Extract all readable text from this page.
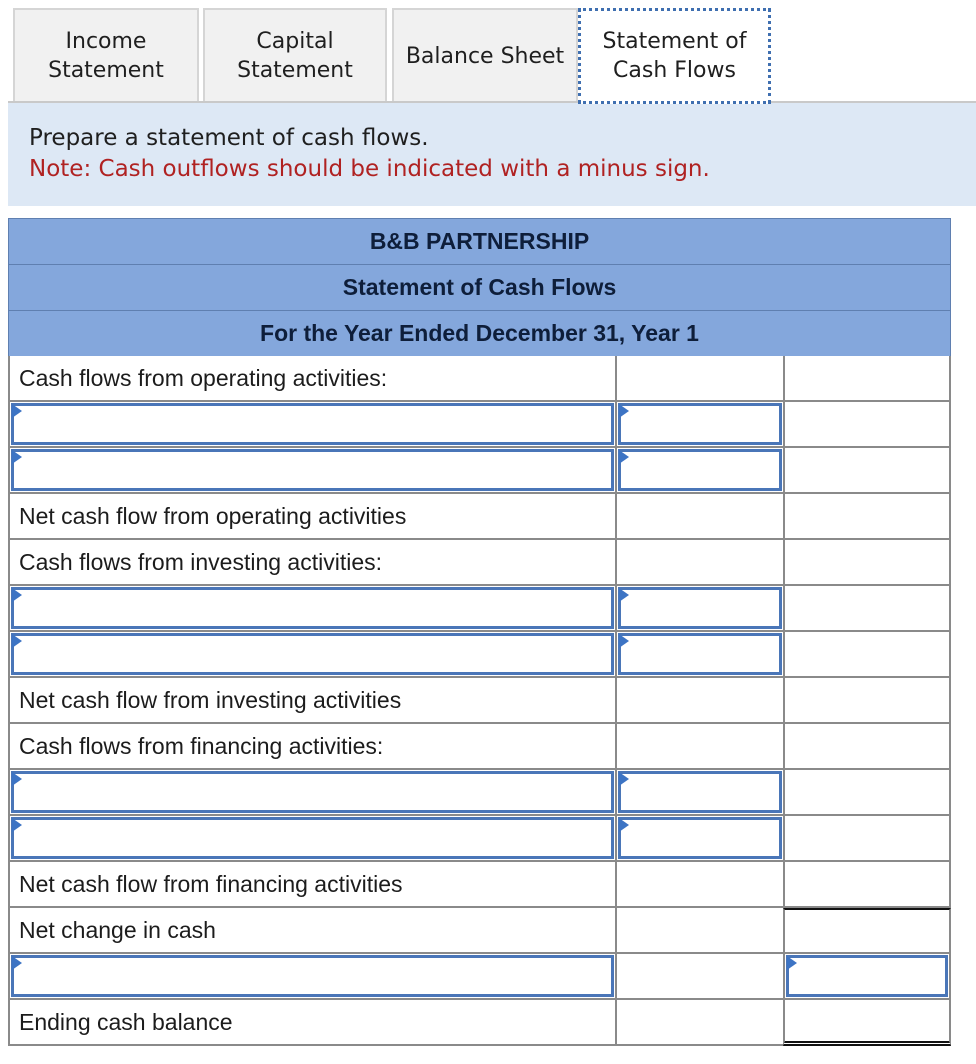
Income
Statement
Capital
Statement
Balance Sheet
Statement of
Cash Flows
Prepare a statement of cash flows.
Note: Cash outflows should be indicated with a minus sign.
B&B PARTNERSHIP
Statement of Cash Flows
For the Year Ended December 31, Year 1
Cash flows from operating activities:
Net cash flow from operating activities
Cash flows from investing activities:
Net cash flow from investing activities
Cash flows from financing activities:
Net cash flow from financing activities
Net change in cash
Ending cash balance
